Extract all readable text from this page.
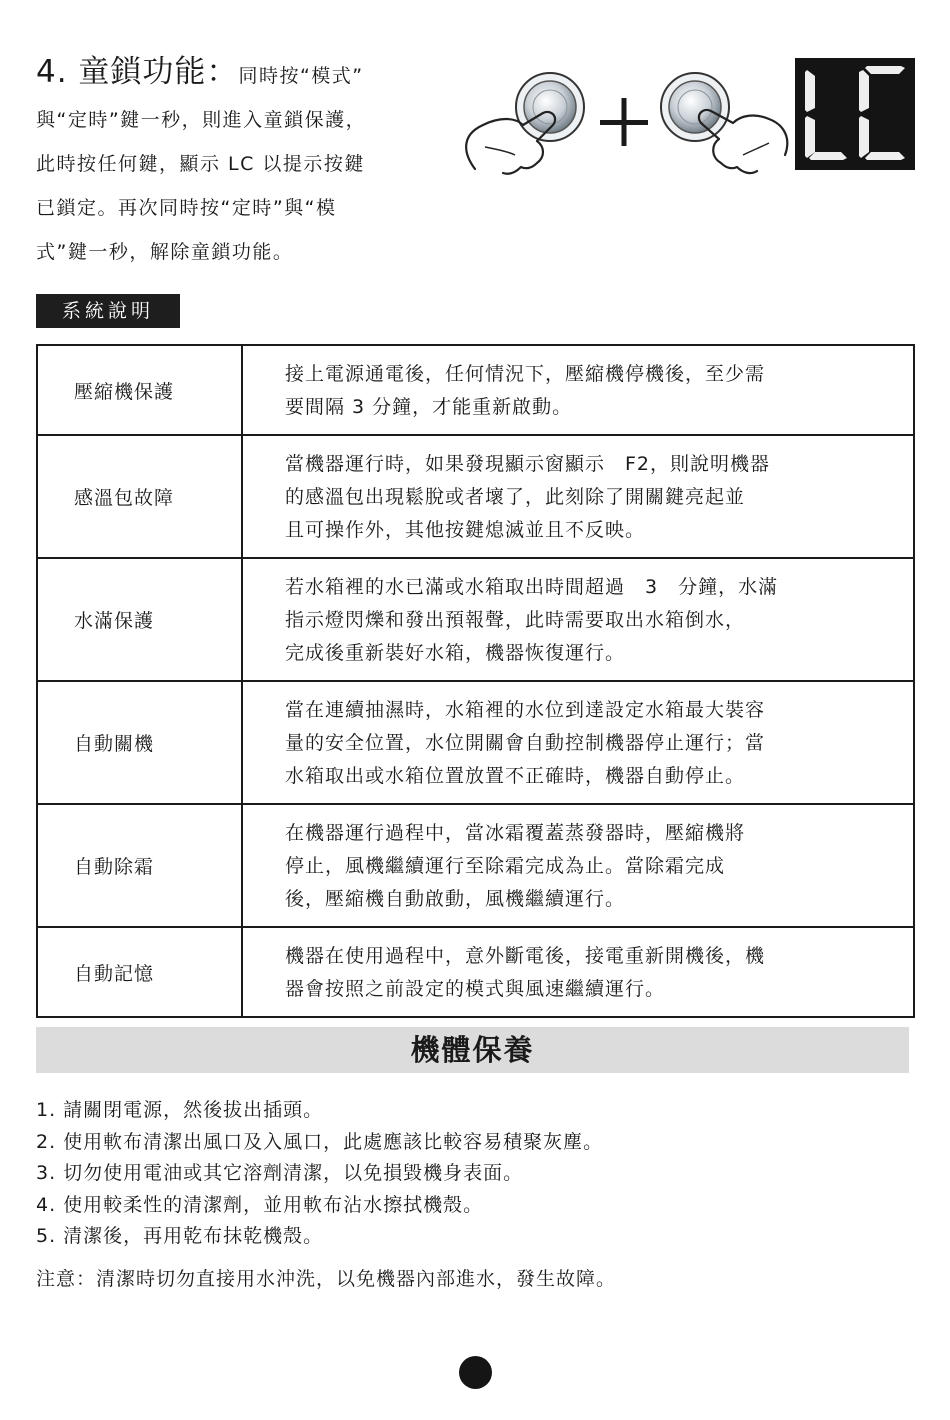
4. 童鎖功能：同時按“模式”
與“定時”鍵一秒，則進入童鎖保護，
此時按任何鍵，顯示 LC 以提示按鍵
已鎖定。再次同時按“定時”與“模
式”鍵一秒，解除童鎖功能。
系統說明
壓縮機保護	接上電源通電後，任何情況下，壓縮機停機後，至少需
要間隔 3 分鐘，才能重新啟動。

感溫包故障	當機器運行時，如果發現顯示窗顯示　F2，則說明機器
的感溫包出現鬆脫或者壞了，此刻除了開關鍵亮起並
且可操作外，其他按鍵熄滅並且不反映。

水滿保護	若水箱裡的水已滿或水箱取出時間超過　3　分鐘，水滿
指示燈閃爍和發出預報聲，此時需要取出水箱倒水，
完成後重新裝好水箱，機器恢復運行。

自動關機	當在連續抽濕時，水箱裡的水位到達設定水箱最大裝容
量的安全位置，水位開關會自動控制機器停止運行；當
水箱取出或水箱位置放置不正確時，機器自動停止。

自動除霜	在機器運行過程中，當冰霜覆蓋蒸發器時，壓縮機將
停止，風機繼續運行至除霜完成為止。當除霜完成
後，壓縮機自動啟動，風機繼續運行。

自動記憶	機器在使用過程中，意外斷電後，接電重新開機後，機
器會按照之前設定的模式與風速繼續運行。
機體保養
1. 請關閉電源，然後拔出插頭。
2. 使用軟布清潔出風口及入風口，此處應該比較容易積聚灰塵。
3. 切勿使用電油或其它溶劑清潔，以免損毀機身表面。
4. 使用較柔性的清潔劑，並用軟布沾水擦拭機殼。
5. 清潔後，再用乾布抹乾機殼。
注意：清潔時切勿直接用水沖洗，以免機器內部進水，發生故障。
